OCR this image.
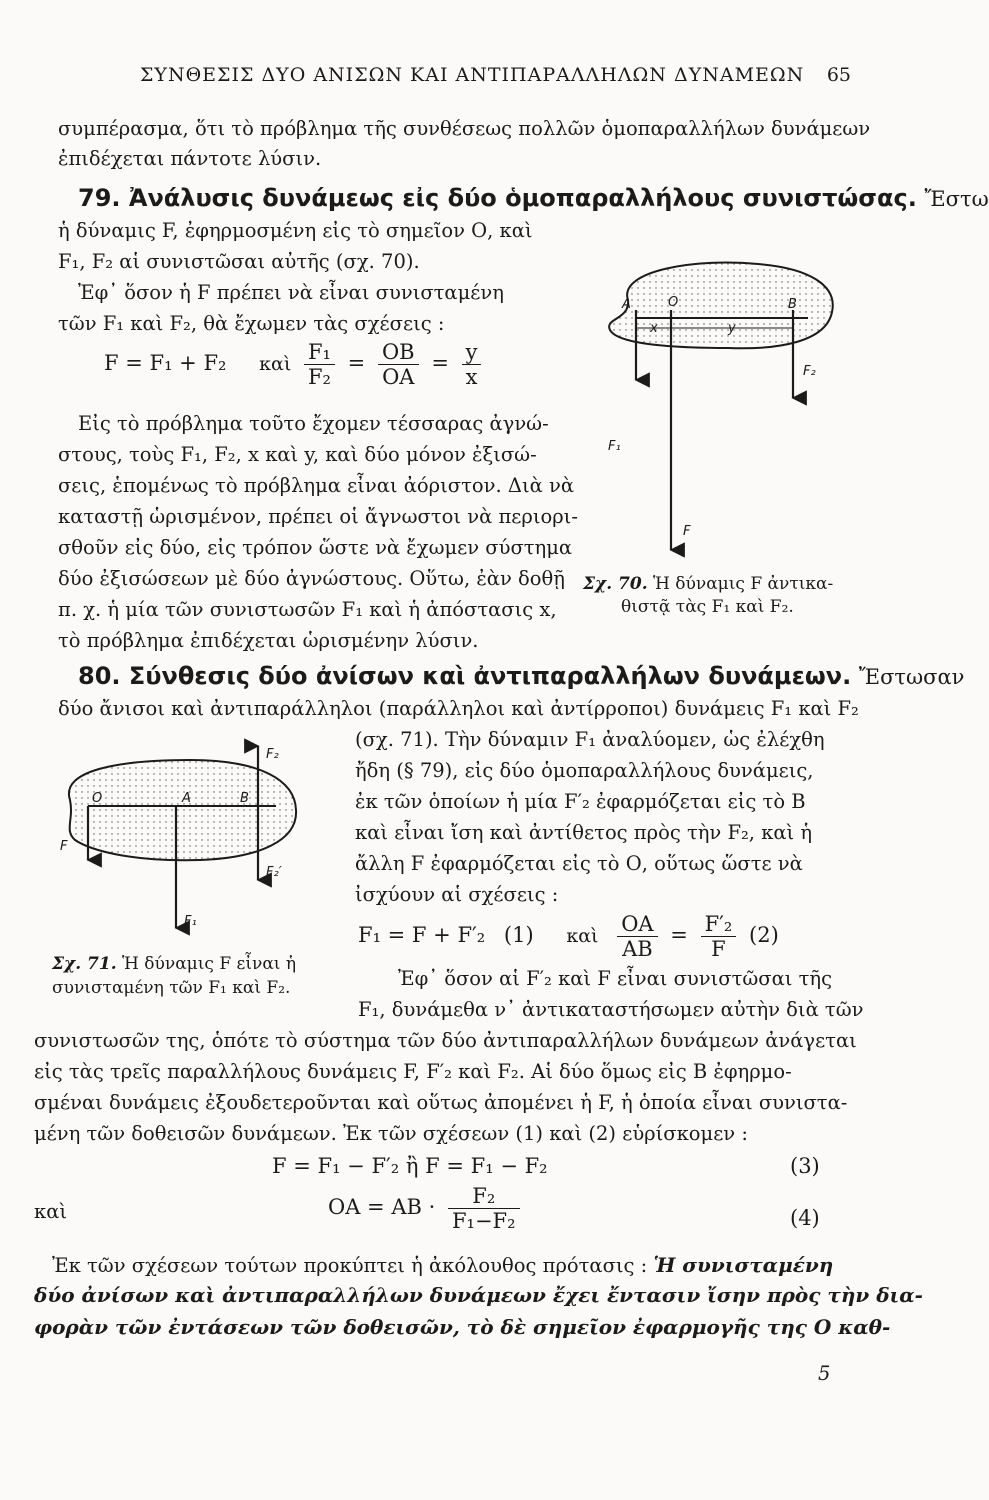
ΣΥΝΘΕΣΙΣ ΔΥΟ ΑΝΙΣΩΝ ΚΑΙ ΑΝΤΙΠΑΡΑΛΛΗΛΩΝ ΔΥΝΑΜΕΩΝ 65
συμπέρασμα, ὅτι τὸ πρόβλημα τῆς συνθέσεως πολλῶν ὁμοπαραλλήλων δυνάμεων
ἐπιδέχεται πάντοτε λύσιν.
79. Ἀνάλυσις δυνάμεως εἰς δύο ὁμοπαραλλήλους συνιστώσας. Ἔστω
ἡ δύναμις F, ἐφηρμοσμένη εἰς τὸ σημεῖον Ο, καὶ
F₁, F₂ αἱ συνιστῶσαι αὐτῆς (σχ. 70).
Ἐφ᾽ ὅσον ἡ F πρέπει νὰ εἶναι συνισταμένη
τῶν F₁ καὶ F₂, θὰ ἔχωμεν τὰς σχέσεις :
F = F₁ + F₂ καὶ $\frac{\text{F₁}}{\text{F₂}} = \frac{OB}{OA} = \frac{y}{x}$
Εἰς τὸ πρόβλημα τοῦτο ἔχομεν τέσσαρας ἀγνώ-
στους, τοὺς F₁, F₂, x καὶ y, καὶ δύο μόνον ἐξισώ-
σεις, ἑπομένως τὸ πρόβλημα εἶναι ἀόριστον. Διὰ νὰ
καταστῇ ὡρισμένον, πρέπει οἱ ἄγνωστοι νὰ περιορι-
σθοῦν εἰς δύο, εἰς τρόπον ὥστε νὰ ἔχωμεν σύστημα
δύο ἐξισώσεων μὲ δύο ἀγνώστους. Οὕτω, ἐὰν δοθῇ
π. χ. ἡ μία τῶν συνιστωσῶν F₁ καὶ ἡ ἀπόστασις x,
τὸ πρόβλημα ἐπιδέχεται ὡρισμένην λύσιν.
A	O	B
x	y
F₁
F
F₂
Σχ. 70. Ἡ δύναμις F ἀντικα-
θιστᾷ τὰς F₁ καὶ F₂.
80. Σύνθεσις δύο ἀνίσων καὶ ἀντιπαραλλήλων δυνάμεων. Ἔστωσαν
δύο ἄνισοι καὶ ἀντιπαράλληλοι (παράλληλοι καὶ ἀντίρροποι) δυνάμεις F₁ καὶ F₂
O	A	B
F
F₁
F₂
F₂′
Σχ. 71. Ἡ δύναμις F εἶναι ἡ
συνισταμένη τῶν F₁ καὶ F₂.
(σχ. 71). Τὴν δύναμιν F₁ ἀναλύομεν, ὡς ἐλέχθη
ἤδη (§ 79), εἰς δύο ὁμοπαραλλήλους δυνάμεις,
ἐκ τῶν ὁποίων ἡ μία F′₂ ἐφαρμόζεται εἰς τὸ Β
καὶ εἶναι ἴση καὶ ἀντίθετος πρὸς τὴν F₂, καὶ ἡ
ἄλλη F ἐφαρμόζεται εἰς τὸ Ο, οὕτως ὥστε νὰ
ἰσχύουν αἱ σχέσεις :
F₁ = F + F′₂ (1) καὶ $\frac{OA}{AB} = \frac{\text{F′₂}}{F} (2)$
Ἐφ᾽ ὅσον αἱ F′₂ καὶ F εἶναι συνιστῶσαι τῆς
F₁, δυνάμεθα ν᾽ ἀντικαταστήσωμεν αὐτὴν διὰ τῶν
συνιστωσῶν της, ὁπότε τὸ σύστημα τῶν δύο ἀντιπαραλλήλων δυνάμεων ἀνάγεται
εἰς τὰς τρεῖς παραλλήλους δυνάμεις F, F′₂ καὶ F₂. Αἱ δύο ὅμως εἰς Β ἐφηρμο-
σμέναι δυνάμεις ἐξουδετεροῦνται καὶ οὕτως ἀπομένει ἡ F, ἡ ὁποία εἶναι συνιστα-
μένη τῶν δοθεισῶν δυνάμεων. Ἐκ τῶν σχέσεων (1) καὶ (2) εὑρίσκομεν :
F = F₁ − F′₂ ἢ F = F₁ − F₂	(3)
καὶ	$OA = AB \cdot \frac{\text{F₂}}{\text{F₁−F₂}}$	(4)
Ἐκ τῶν σχέσεων τούτων προκύπτει ἡ ἀκόλουθος πρότασις : Ἡ συνισταμένη
δύο ἀνίσων καὶ ἀντιπαραλλήλων δυνάμεων ἔχει ἔντασιν ἴσην πρὸς τὴν δια-
φορὰν τῶν ἐντάσεων τῶν δοθεισῶν, τὸ δὲ σημεῖον ἐφαρμογῆς της Ο καθ-
5
